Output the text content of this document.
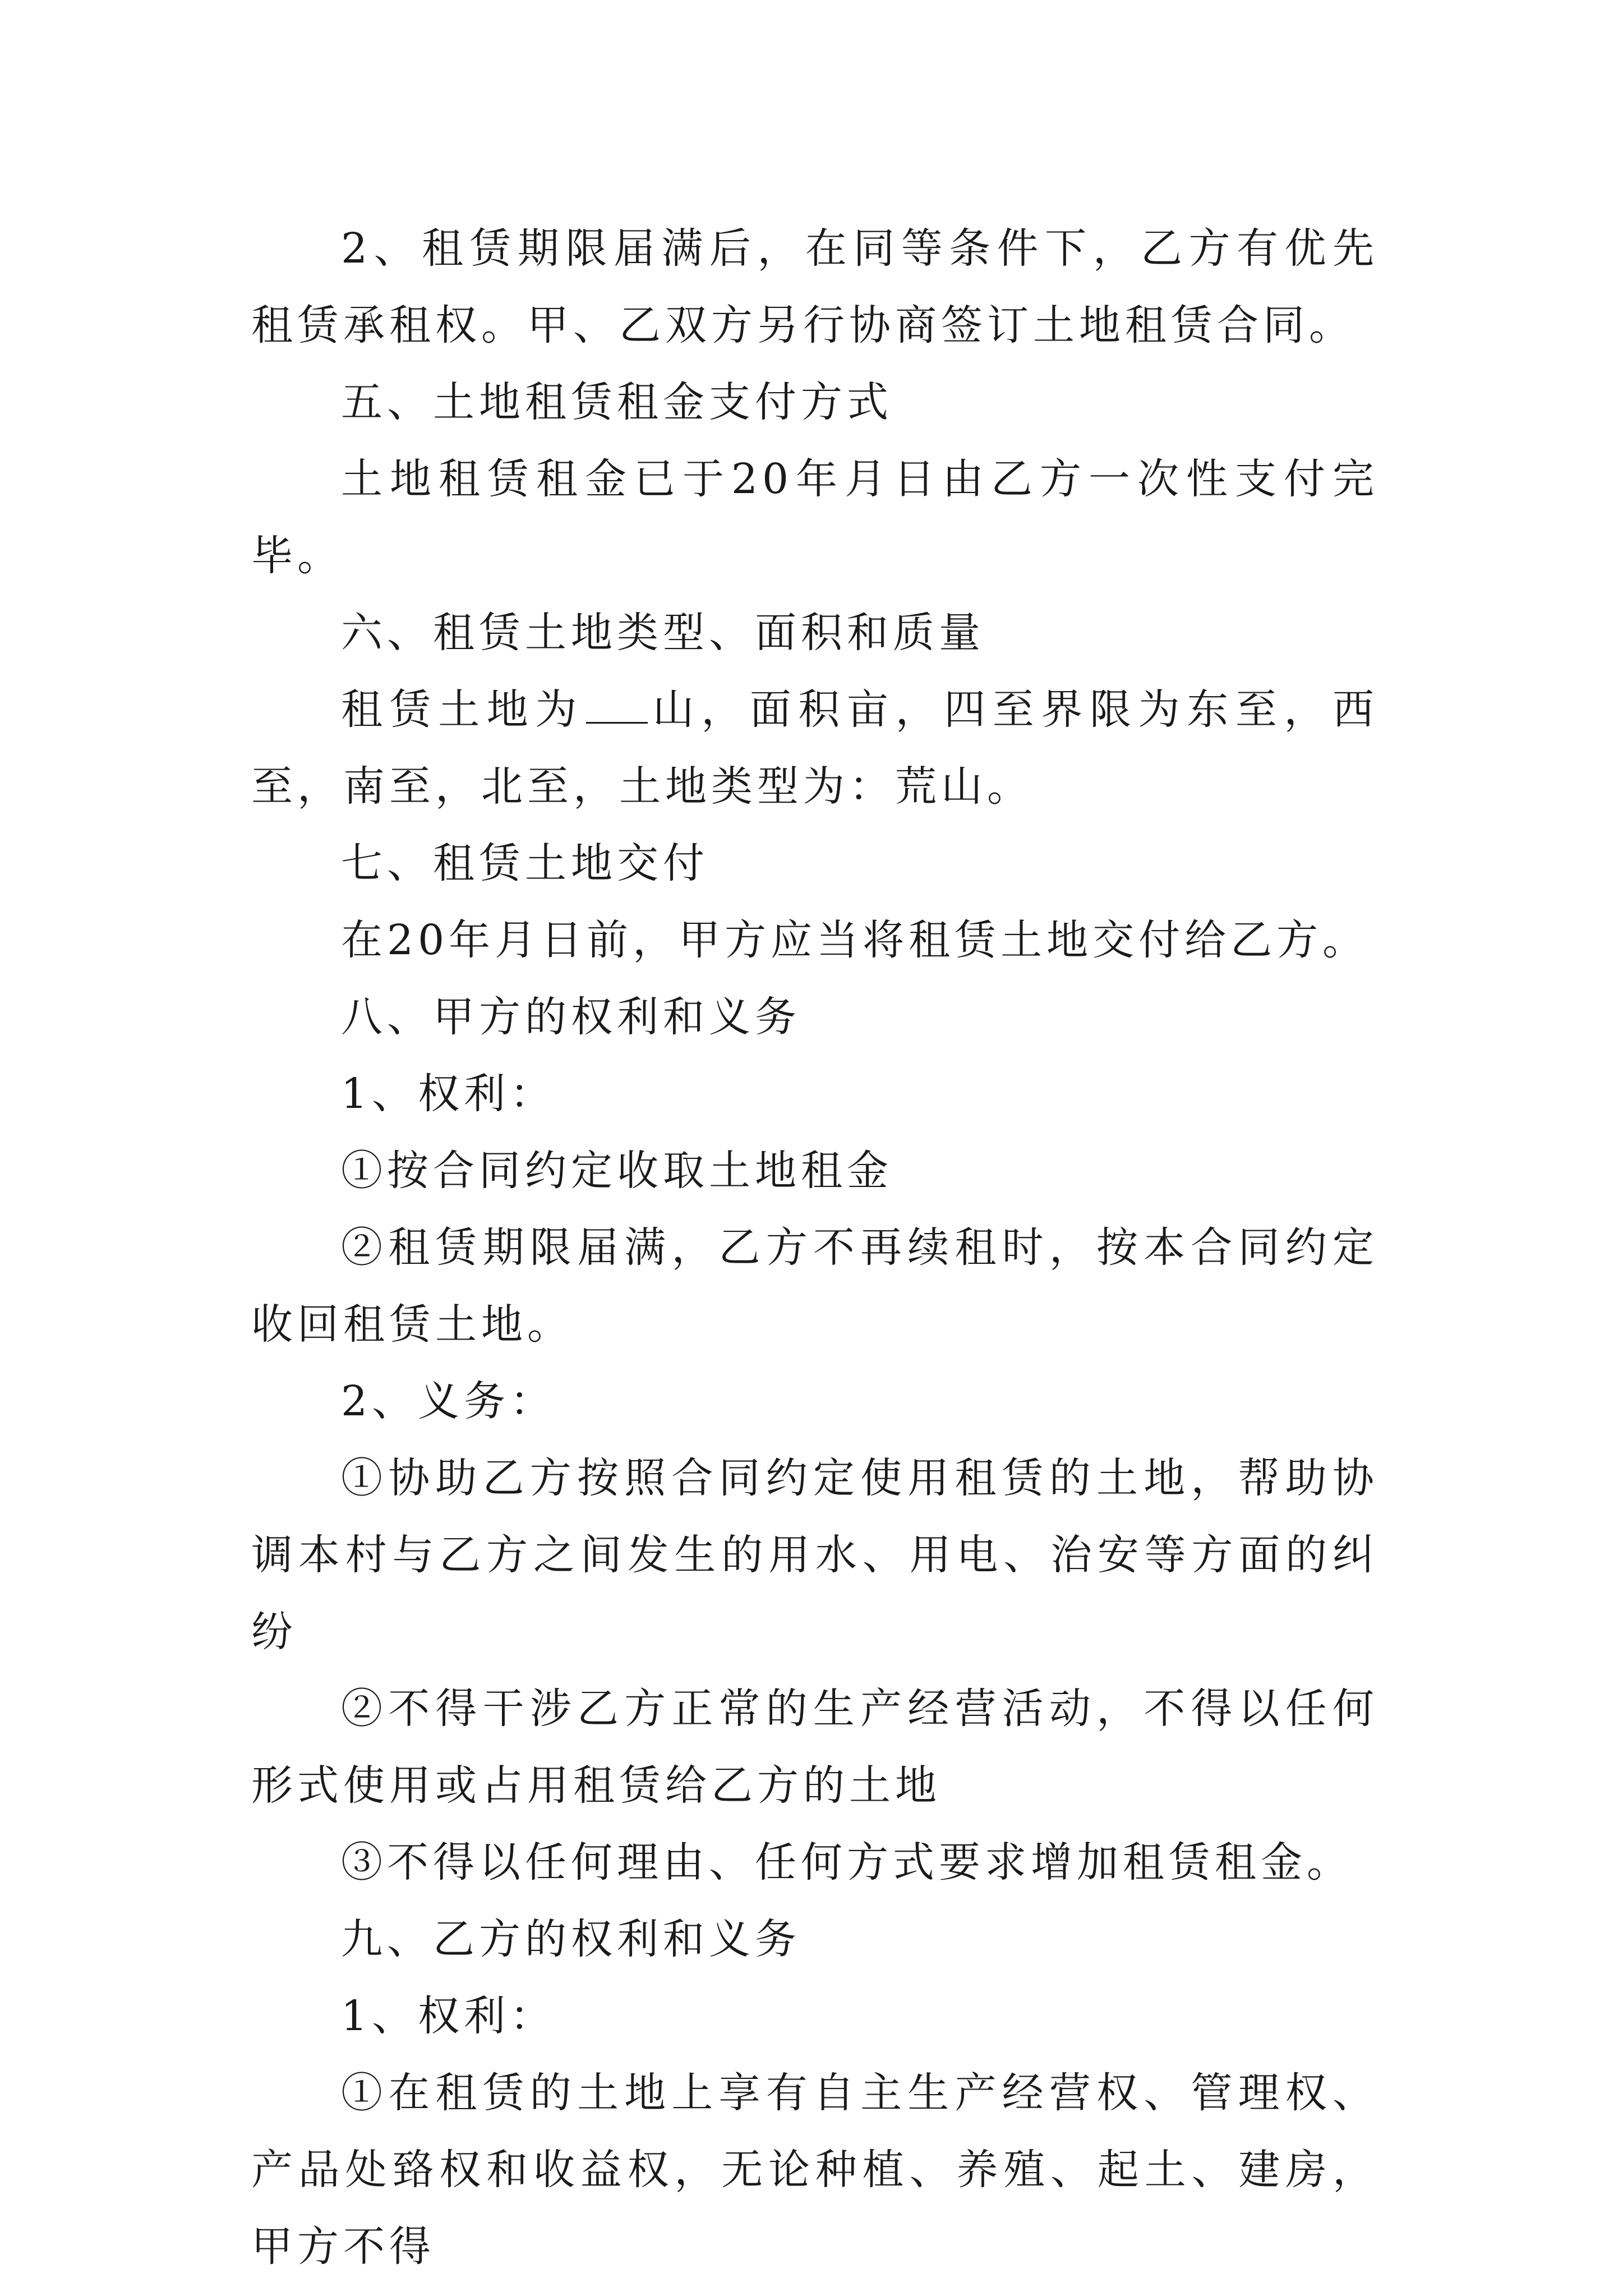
2、租赁期限届满后，在同等条件下，乙方有优先租赁承租权。甲、乙双方另行协商签订土地租赁合同。

五、土地租赁租金支付方式

土地租赁租金已于20年月日由乙方一次性支付完毕。

六、租赁土地类型、面积和质量

租赁土地为 山，面积亩，四至界限为东至，西至，南至，北至，土地类型为：荒山。

七、租赁土地交付

在20年月日前，甲方应当将租赁土地交付给乙方。

八、甲方的权利和义务

1、权利：

①按合同约定收取土地租金

②租赁期限届满，乙方不再续租时，按本合同约定收回租赁土地。

2、义务：

①协助乙方按照合同约定使用租赁的土地，帮助协调本村与乙方之间发生的用水、用电、治安等方面的纠纷

②不得干涉乙方正常的生产经营活动，不得以任何形式使用或占用租赁给乙方的土地

③不得以任何理由、任何方式要求增加租赁租金。

九、乙方的权利和义务

1、权利：

①在租赁的土地上享有自主生产经营权、管理权、产品处臵权和收益权，无论种植、养殖、起土、建房，甲方不得
